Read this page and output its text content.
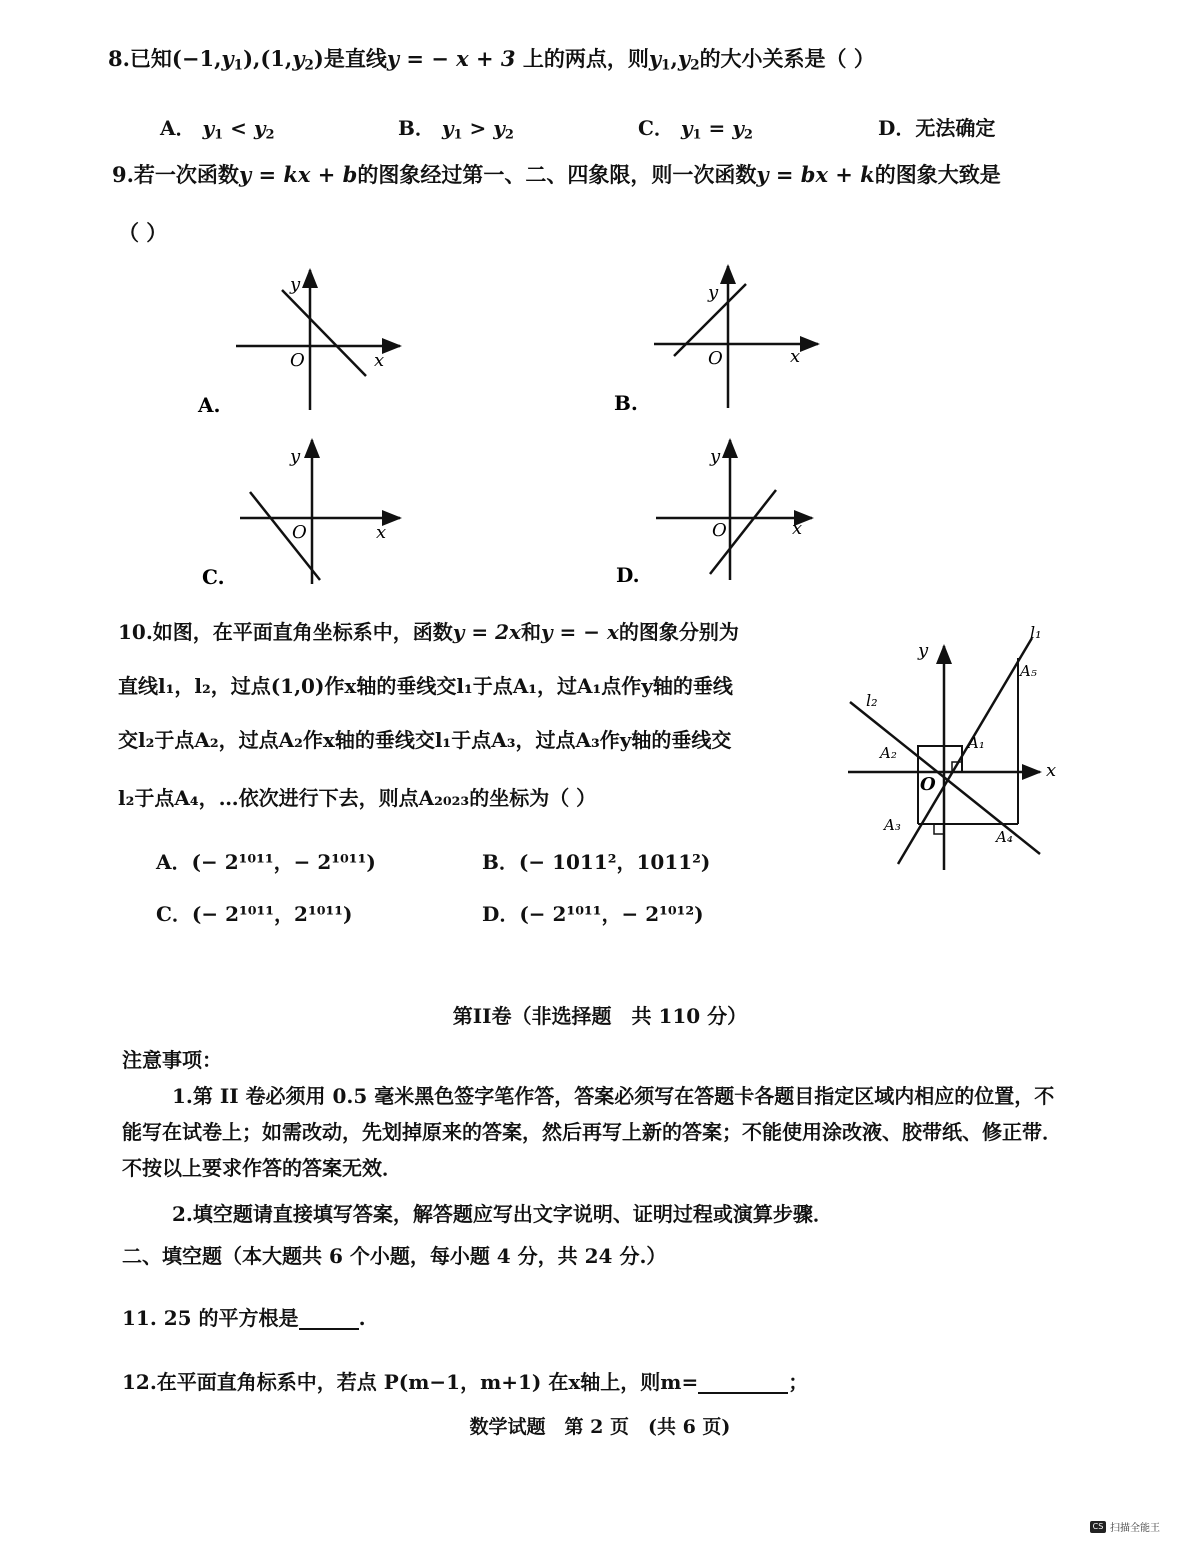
8.已知$(-1,y_1),(1,y_2)$是直线y = − x + 3 上的两点，则$y_1,y_2$的大小关系是（ ）
A． $y_1 < y_2$	B． $y_1 > y_2$	C． $y_1 = y_2$	D．无法确定
9.若一次函数y = kx + b的图象经过第一、二、四象限，则一次函数y = bx + k的图象大致是
（ ）
y
x
O
A.
y
x
O
B.
y
x
O
C.
y
x
O
D.
y
x
O
l₁
l₂
A₁
A₂
A₃
A₄
A₅
10.如图，在平面直角坐标系中，函数y = 2x和y = − x的图象分别为
直线l₁，l₂，过点(1,0)作x轴的垂线交l₁于点A₁，过A₁点作y轴的垂线
交l₂于点A₂，过点A₂作x轴的垂线交l₁于点A₃，过点A₃作y轴的垂线交
l₂于点A₄，…依次进行下去，则点A₂₀₂₃的坐标为（ ）
A．(− 2¹⁰¹¹，− 2¹⁰¹¹)	B．(− 1011²，1011²)
C．(− 2¹⁰¹¹，2¹⁰¹¹)	D．(− 2¹⁰¹¹，− 2¹⁰¹²)
第II卷（非选择题　共 110 分）
注意事项：
1.第 II 卷必须用 0.5 毫米黑色签字笔作答，答案必须写在答题卡各题目指定区域内相应的位置，不能写在试卷上；如需改动，先划掉原来的答案，然后再写上新的答案；不能使用涂改液、胶带纸、修正带．不按以上要求作答的答案无效．
2.填空题请直接填写答案，解答题应写出文字说明、证明过程或演算步骤．
二、填空题（本大题共 6 个小题，每小题 4 分，共 24 分.）
11. 25 的平方根是	.
12.在平面直角标系中，若点 P(m−1，m+1) 在x轴上，则m=	；
数学试题　第 2 页　(共 6 页)
CS 扫描全能王
